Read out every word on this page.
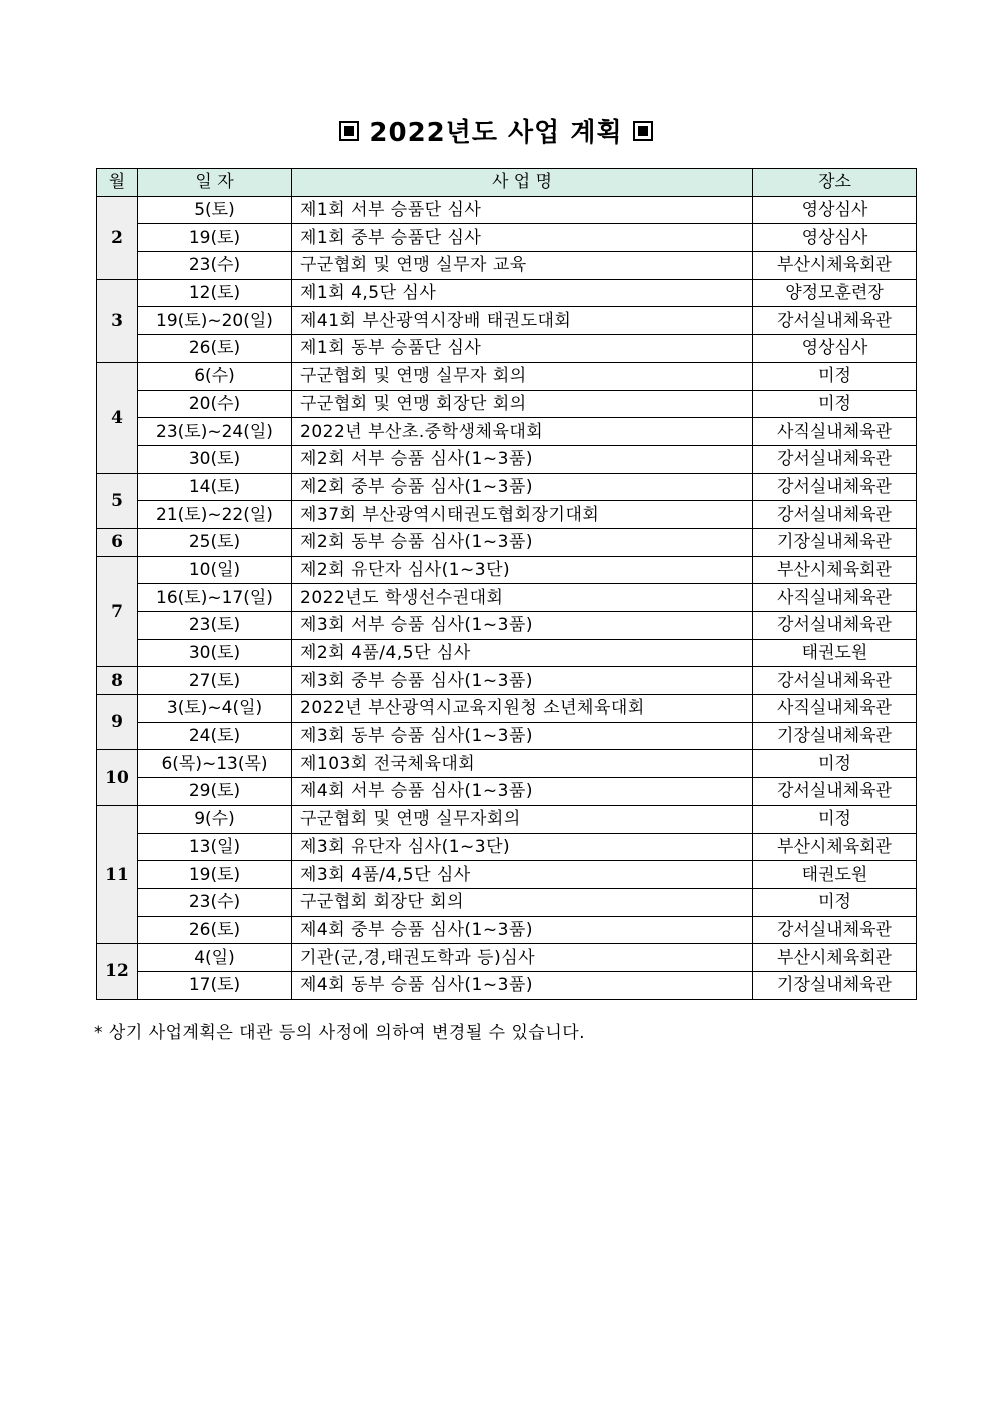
2022년도 사업 계획
월	일 자	사 업 명	장소
2	5(토)	제1회 서부 승품단 심사	영상심사
	19(토)	제1회 중부 승품단 심사	영상심사
	23(수)	구군협회 및 연맹 실무자 교육	부산시체육회관
3	12(토)	제1회 4,5단 심사	양정모훈련장
	19(토)~20(일)	제41회 부산광역시장배 태권도대회	강서실내체육관
	26(토)	제1회 동부 승품단 심사	영상심사
4	6(수)	구군협회 및 연맹 실무자 회의	미정
	20(수)	구군협회 및 연맹 회장단 회의	미정
	23(토)~24(일)	2022년 부산초.중학생체육대회	사직실내체육관
	30(토)	제2회 서부 승품 심사(1~3품)	강서실내체육관
5	14(토)	제2회 중부 승품 심사(1~3품)	강서실내체육관
	21(토)~22(일)	제37회 부산광역시태권도협회장기대회	강서실내체육관
6	25(토)	제2회 동부 승품 심사(1~3품)	기장실내체육관
7	10(일)	제2회 유단자 심사(1~3단)	부산시체육회관
	16(토)~17(일)	2022년도 학생선수권대회	사직실내체육관
	23(토)	제3회 서부 승품 심사(1~3품)	강서실내체육관
	30(토)	제2회 4품/4,5단 심사	태권도원
8	27(토)	제3회 중부 승품 심사(1~3품)	강서실내체육관
9	3(토)~4(일)	2022년 부산광역시교육지원청 소년체육대회	사직실내체육관
	24(토)	제3회 동부 승품 심사(1~3품)	기장실내체육관
10	6(목)~13(목)	제103회 전국체육대회	미정
	29(토)	제4회 서부 승품 심사(1~3품)	강서실내체육관
11	9(수)	구군협회 및 연맹 실무자회의	미정
	13(일)	제3회 유단자 심사(1~3단)	부산시체육회관
	19(토)	제3회 4품/4,5단 심사	태권도원
	23(수)	구군협회 회장단 회의	미정
	26(토)	제4회 중부 승품 심사(1~3품)	강서실내체육관
12	4(일)	기관(군,경,태권도학과 등)심사	부산시체육회관
	17(토)	제4회 동부 승품 심사(1~3품)	기장실내체육관
* 상기 사업계획은 대관 등의 사정에 의하여 변경될 수 있습니다.
